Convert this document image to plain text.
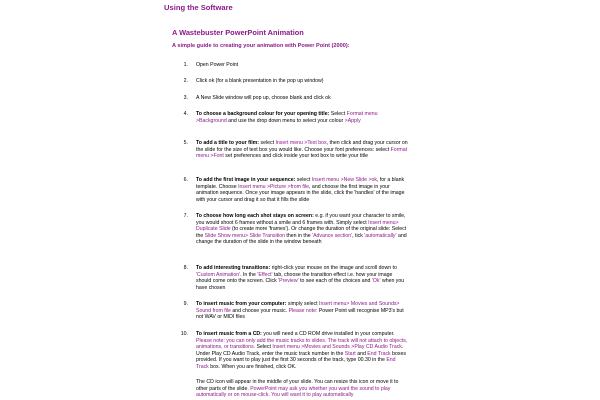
Using the Software
A Wastebuster PowerPoint Animation
A simple guide to creating your animation with Power Point (2000):
1. Open Power Point
2. Click ok (for a blank presentation in the pop up window)
3. A New Slide window will pop up, choose blank and click ok
4. To choose a background colour for your opening title: Select Format menu >Background and use the drop down menu to select your colour >Apply
5. To add a title to your film: select Insert menu >Text box, then click and drag your cursor on the slide for the size of text box you would like. Choose your font preferences: select Format menu >Font set preferences and click inside your text box to write your title
6. To add the first image in your sequence: select Insert menu >New Slide >ok, for a blank template. Choose Insert menu >Picture >from file, and choose the first image in your animation sequence. Once your image appears in the slide, click the 'handles' of the image with your cursor and drag it so that it fills the slide
7. To choose how long each shot stays on screen: e.g. if you want your character to smile, you would shoot 6 frames without a smile and 6 frames with. Simply select Insert menu> Duplicate Slide (to create more 'frames'). Or change the duration of the original slide: Select the Slide Show menu> Slide Transition then in the 'Advance section', tick 'automatically' and change the duration of the slide in the window beneath
8. To add interesting transitions: right-click your mouse on the image and scroll down to 'Custom Animation'. In the 'Effect' tab, choose the transition effect i.e. how your image should come onto the screen. Click 'Preview' to see each of the choices and 'Ok' when you have chosen
9. To insert music from your computer: simply select Insert menu> Movies and Sounds> Sound from file and choose your music. Please note: Power Point will recognise MP3's but not WAV or MIDI files
10. To insert music from a CD: you will need a CD ROM drive installed in your computer. Please note: you can only add the music tracks to slides. The track will not attach to objects, animations, or transitions. Select Insert menu >Movies and Sounds >Play CD Audio Track. Under Play CD Audio Track, enter the music track number in the Start and End Track boxes provided. If you want to play just the first 30 seconds of the track, type 00.30 in the End Track box. When you are finished, click OK.
The CD icon will appear in the middle of your slide. You can resize this icon or move it to other parts of the slide. PowerPoint may ask you whether you want the sound to play automatically or on mouse-click. You will want it to play automatically
